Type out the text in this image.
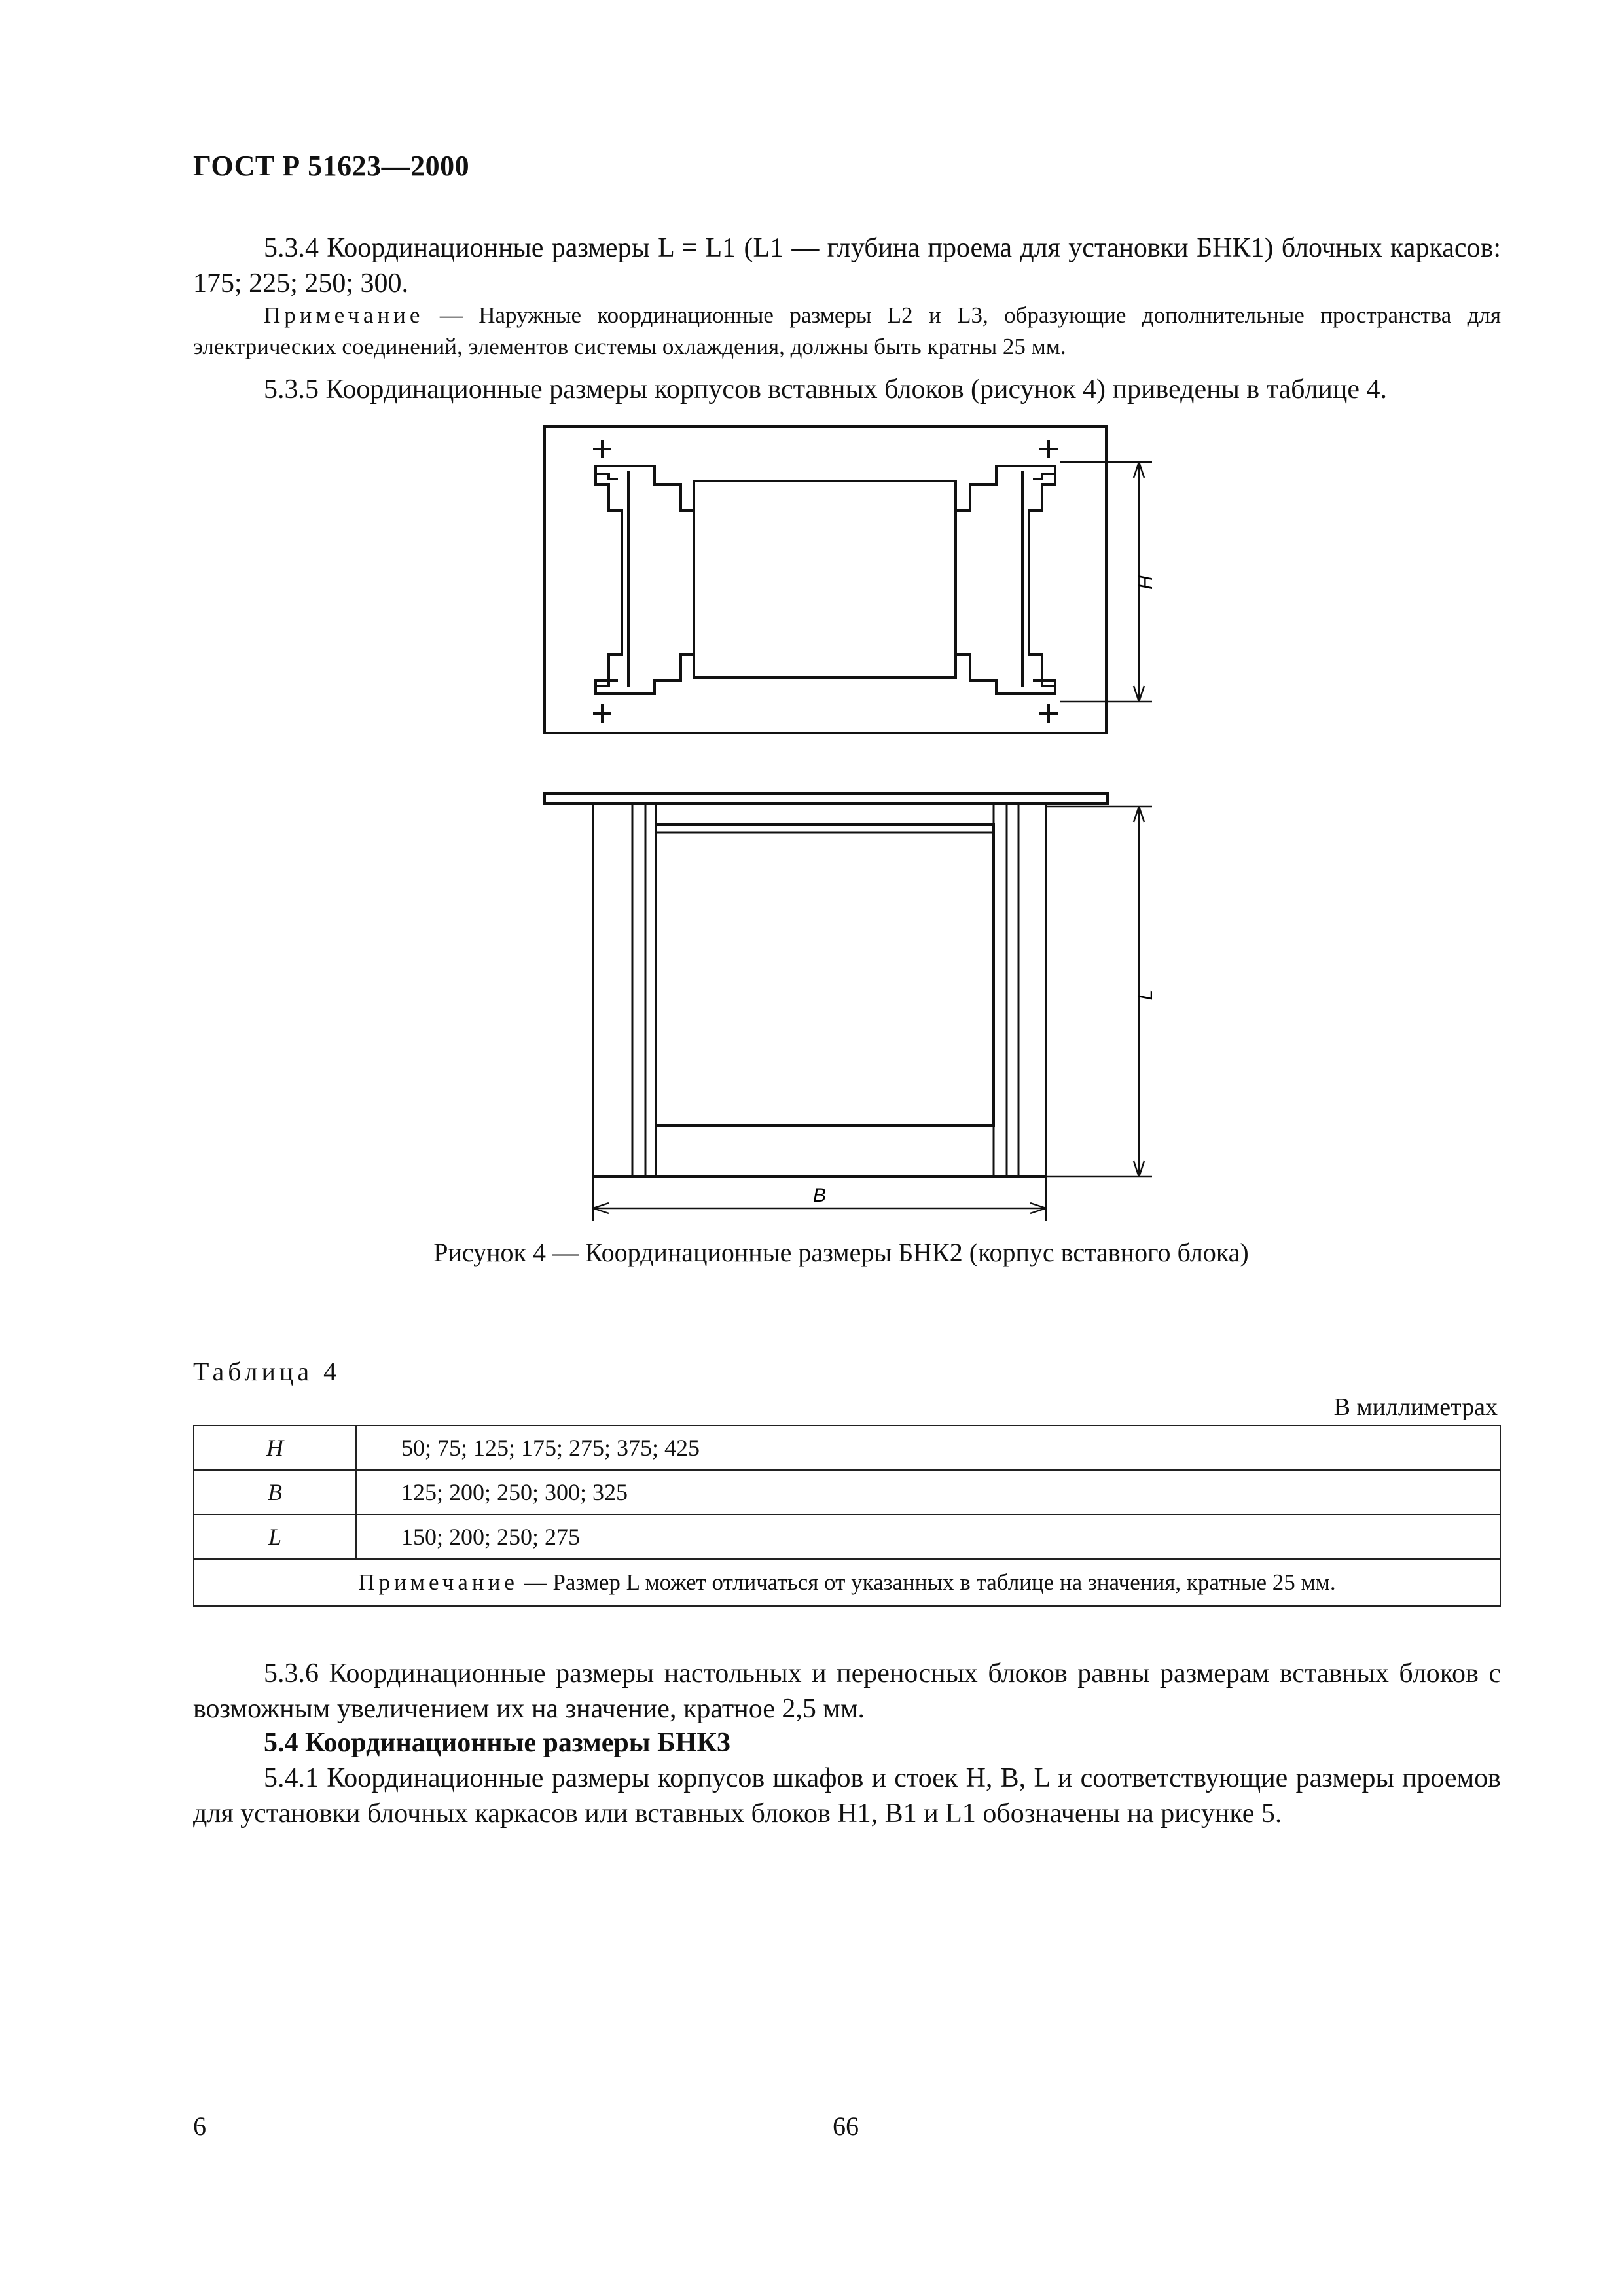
ГОСТ Р 51623—2000
5.3.4 Координационные размеры L = L1 (L1 — глубина проема для установки БНК1) блочных каркасов: 175; 225; 250; 300.
Примечание — Наружные координационные размеры L2 и L3, образующие дополнительные пространства для электрических соединений, элементов системы охлаждения, должны быть кратны 25 мм.
5.3.5 Координационные размеры корпусов вставных блоков (рисунок 4) приведены в таблице 4.
H
L
B
Рисунок 4 — Координационные размеры БНК2 (корпус вставного блока)
Таблица 4
В миллиметрах
H	50; 75; 125; 175; 275; 375; 425
B	125; 200; 250; 300; 325
L	150; 200; 250; 275
Примечание — Размер L может отличаться от указанных в таблице на значения, кратные 25 мм.	
5.3.6 Координационные размеры настольных и переносных блоков равны размерам вставных блоков с возможным увеличением их на значение, кратное 2,5 мм.
5.4 Координационные размеры БНК3
5.4.1 Координационные размеры корпусов шкафов и стоек H, B, L и соответствующие размеры проемов для установки блочных каркасов или вставных блоков H1, B1 и L1 обозначены на рисунке 5.
6	66
